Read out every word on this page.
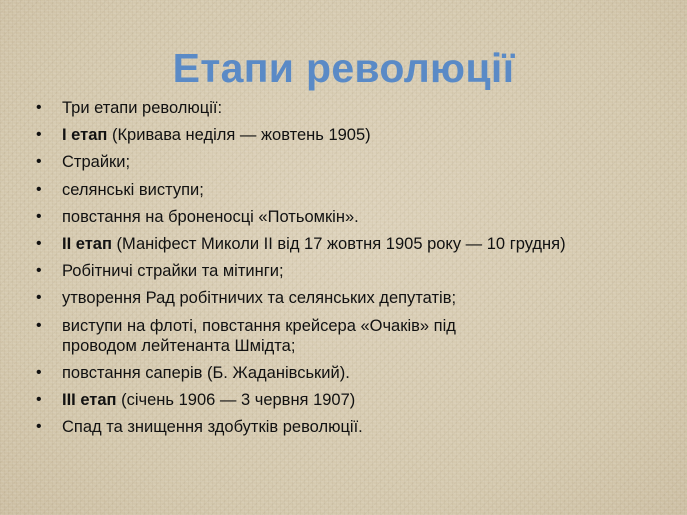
Етапи революції
• Три етапи революції:
• І етап (Кривава неділя — жовтень 1905)
• Страйки;
• селянські виступи;
• повстання на броненосці «Потьомкін».
• ІІ етап (Маніфест Миколи ІІ від 17 жовтня 1905 року — 10 грудня)
• Робітничі страйки та мітинги;
• утворення Рад робітничих та селянських депутатів;
• виступи на флоті, повстання крейсера «Очаків» під проводом лейтенанта Шмідта;
• повстання саперів (Б. Жаданівський).
• ІІІ етап (січень 1906 — 3 червня 1907)
• Спад та знищення здобутків революції.
